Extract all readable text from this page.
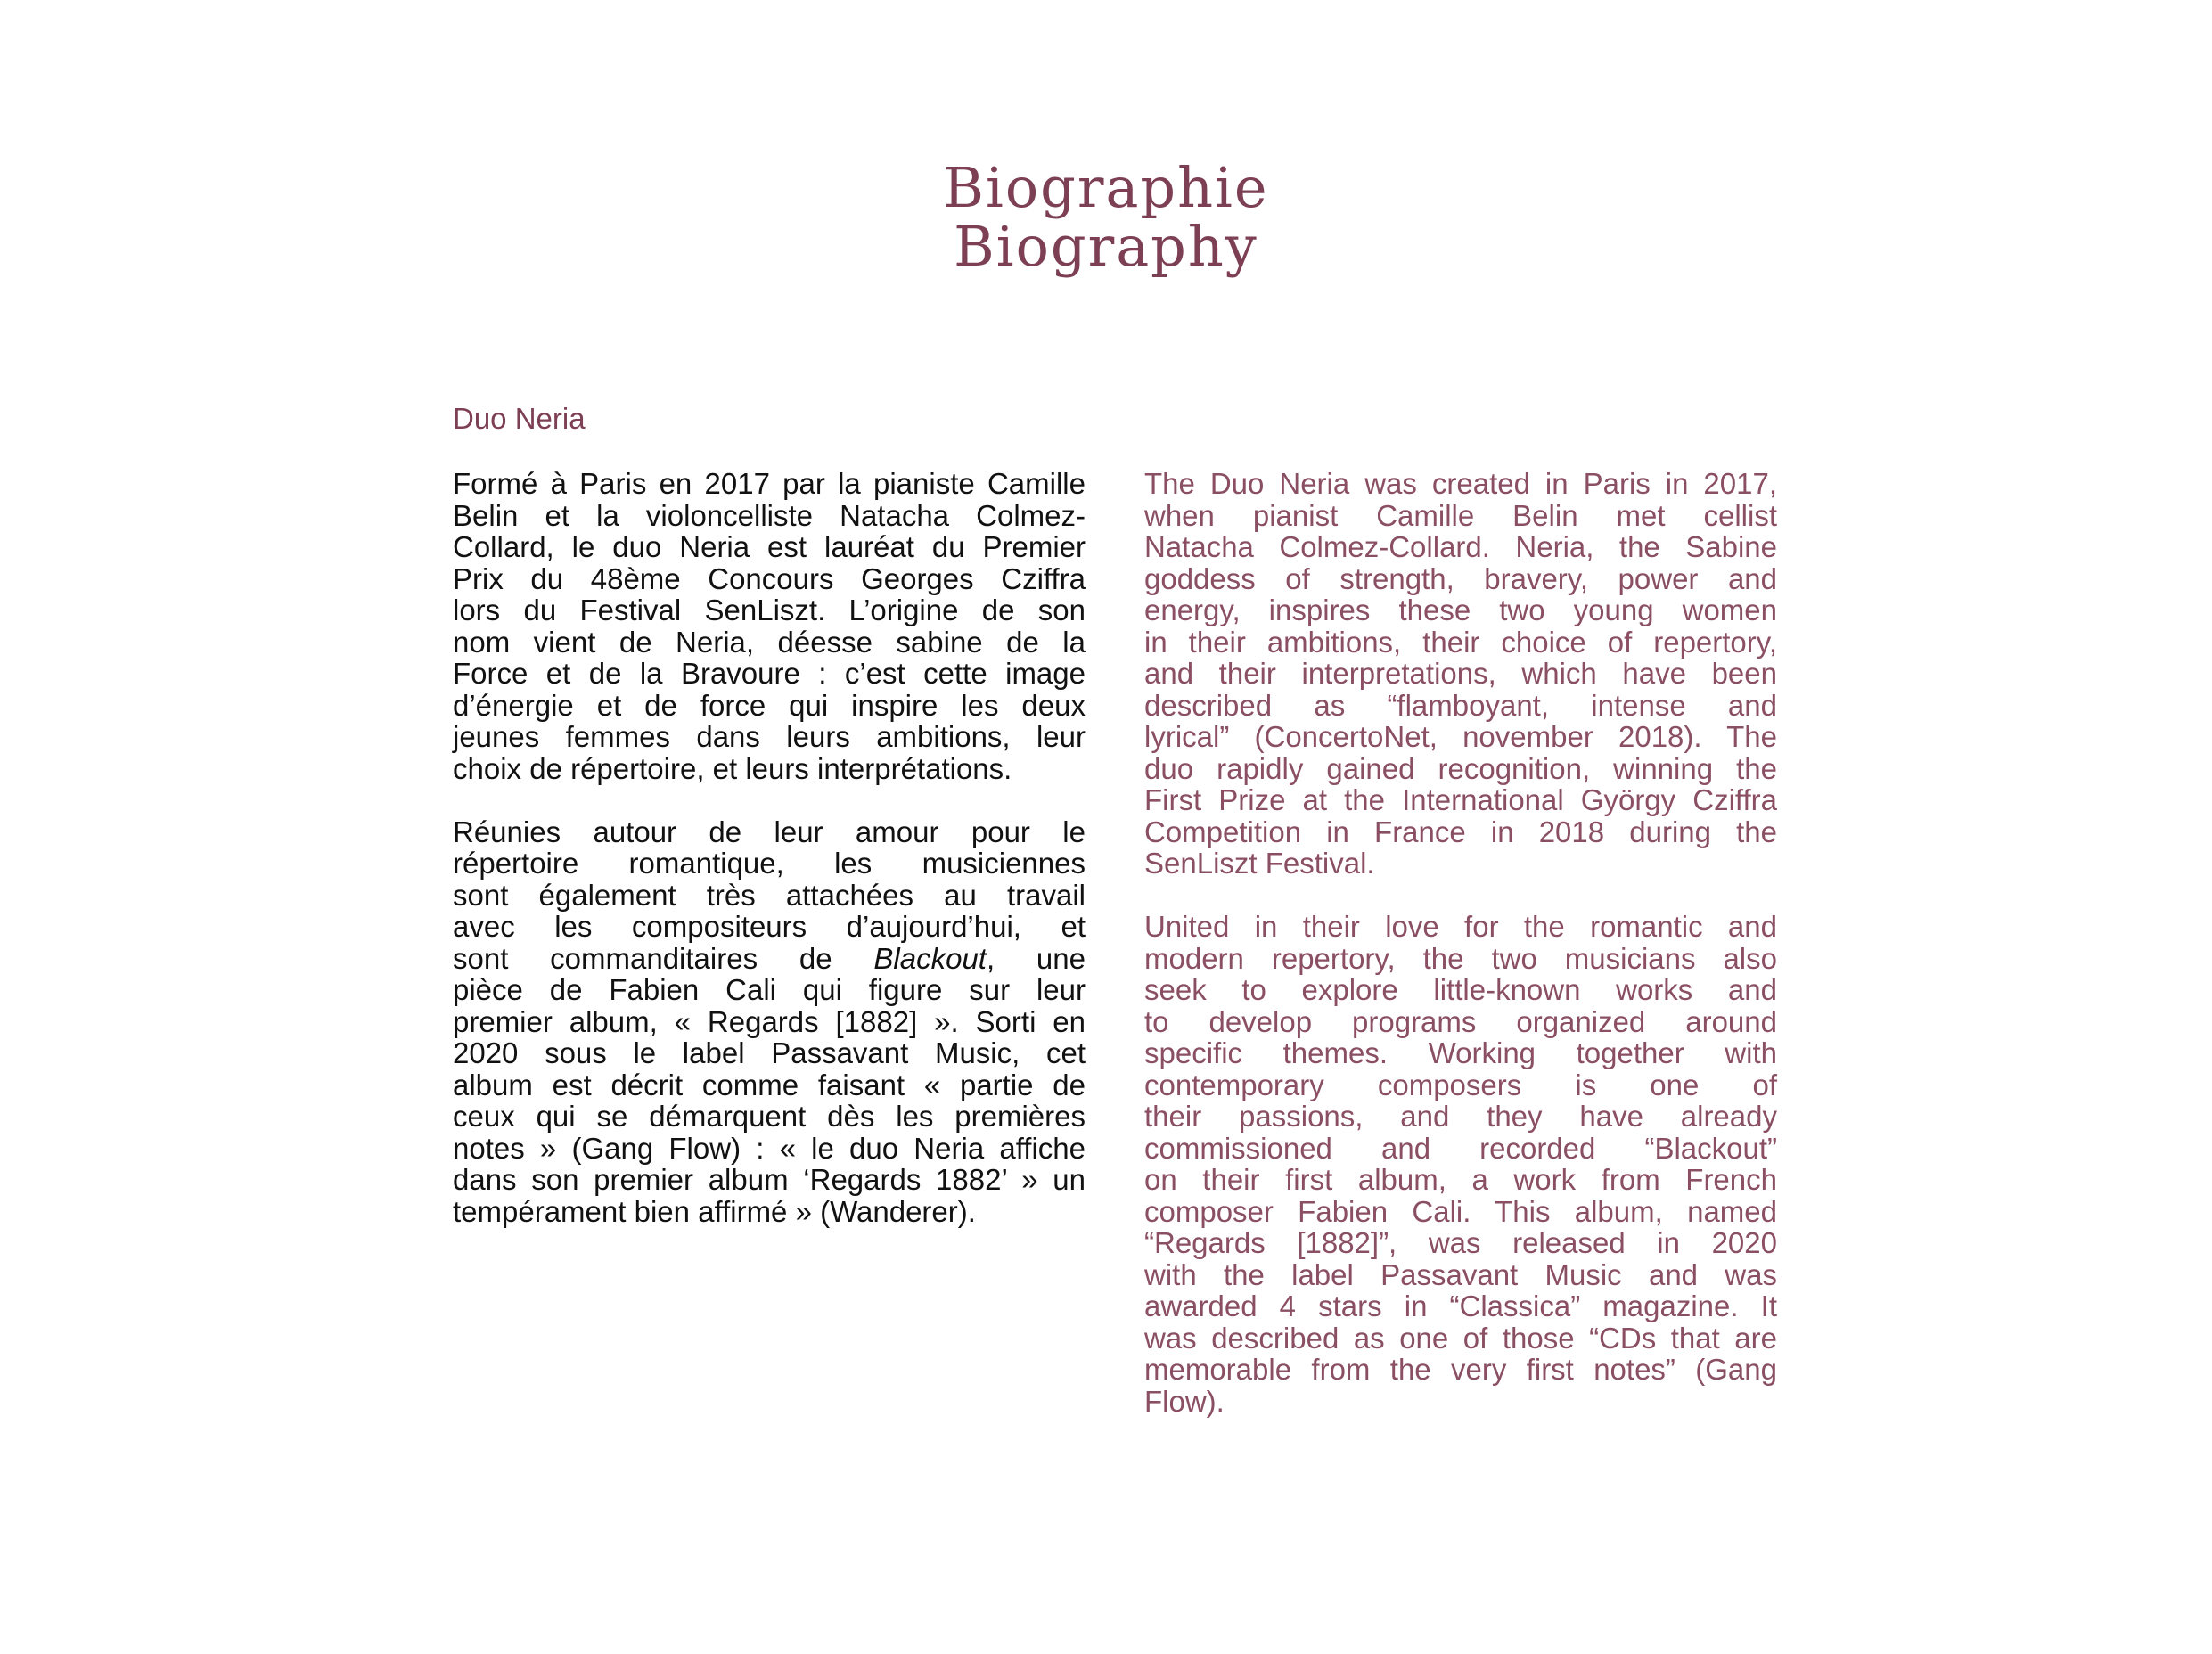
Biographie
Biography
Duo Neria
Formé à Paris en 2017 par la pianiste Camille
Belin et la violoncelliste Natacha Colmez-
Collard, le duo Neria est lauréat du Premier
Prix du 48ème Concours Georges Cziffra
lors du Festival SenLiszt. L’origine de son
nom vient de Neria, déesse sabine de la
Force et de la Bravoure : c’est cette image
d’énergie et de force qui inspire les deux
jeunes femmes dans leurs ambitions, leur
choix de répertoire, et leurs interprétations.
Réunies autour de leur amour pour le
répertoire romantique, les musiciennes
sont également très attachées au travail
avec les compositeurs d’aujourd’hui, et
sont commanditaires de Blackout, une
pièce de Fabien Cali qui figure sur leur
premier album, « Regards [1882] ». Sorti en
2020 sous le label Passavant Music, cet
album est décrit comme faisant « partie de
ceux qui se démarquent dès les premières
notes » (Gang Flow) : « le duo Neria affiche
dans son premier album ‘Regards 1882’ » un
tempérament bien affirmé » (Wanderer).
The Duo Neria was created in Paris in 2017,
when pianist Camille Belin met cellist
Natacha Colmez-Collard. Neria, the Sabine
goddess of strength, bravery, power and
energy, inspires these two young women
in their ambitions, their choice of repertory,
and their interpretations, which have been
described as “flamboyant, intense and
lyrical” (ConcertoNet, november 2018). The
duo rapidly gained recognition, winning the
First Prize at the International György Cziffra
Competition in France in 2018 during the
SenLiszt Festival.
United in their love for the romantic and
modern repertory, the two musicians also
seek to explore little-known works and
to develop programs organized around
specific themes. Working together with
contemporary composers is one of
their passions, and they have already
commissioned and recorded “Blackout”
on their first album, a work from French
composer Fabien Cali. This album, named
“Regards [1882]”, was released in 2020
with the label Passavant Music and was
awarded 4 stars in “Classica” magazine. It
was described as one of those “CDs that are
memorable from the very first notes” (Gang
Flow).
